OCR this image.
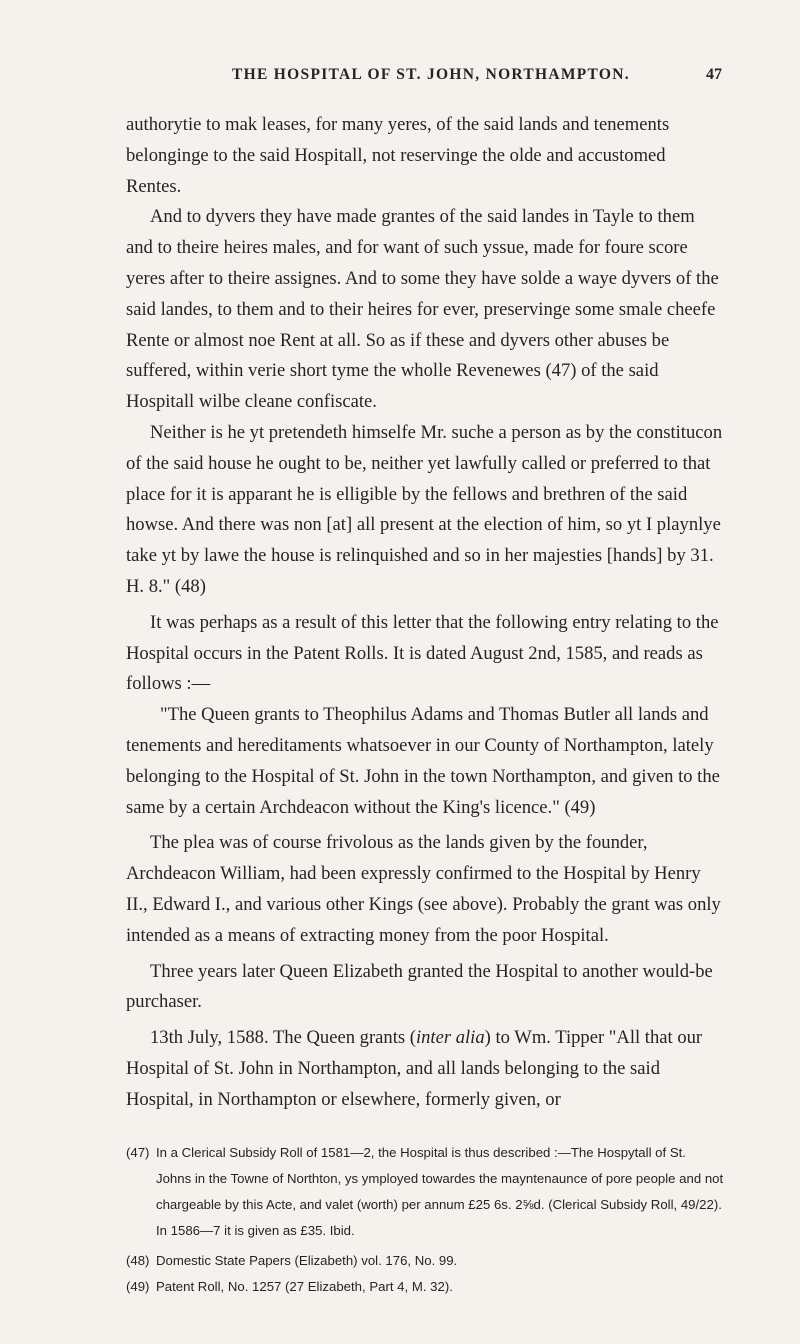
THE HOSPITAL OF ST. JOHN, NORTHAMPTON.	47

authorytie to mak leases, for many yeres, of the said lands and tenements belonginge to the said Hospitall, not reservinge the olde and accustomed Rentes.

And to dyvers they have made grantes of the said landes in Tayle to them and to theire heires males, and for want of such yssue, made for foure score yeres after to theire assignes. And to some they have solde a waye dyvers of the said landes, to them and to their heires for ever, preservinge some smale cheefe Rente or almost noe Rent at all. So as if these and dyvers other abuses be suffered, within verie short tyme the wholle Revenewes (47) of the said Hospitall wilbe cleane confiscate.

Neither is he yt pretendeth himselfe Mr. suche a person as by the constitucon of the said house he ought to be, neither yet lawfully called or preferred to that place for it is apparant he is elligible by the fellows and brethren of the said howse. And there was non [at] all present at the election of him, so yt I playnlye take yt by lawe the house is relinquished and so in her majesties [hands] by 31. H. 8." (48)

It was perhaps as a result of this letter that the following entry relating to the Hospital occurs in the Patent Rolls. It is dated August 2nd, 1585, and reads as follows :—

"The Queen grants to Theophilus Adams and Thomas Butler all lands and tenements and hereditaments whatsoever in our County of Northampton, lately belonging to the Hospital of St. John in the town Northampton, and given to the same by a certain Archdeacon without the King's licence." (49)

The plea was of course frivolous as the lands given by the founder, Archdeacon William, had been expressly confirmed to the Hospital by Henry II., Edward I., and various other Kings (see above). Probably the grant was only intended as a means of extracting money from the poor Hospital.

Three years later Queen Elizabeth granted the Hospital to another would-be purchaser.

13th July, 1588. The Queen grants (inter alia) to Wm. Tipper "All that our Hospital of St. John in Northampton, and all lands belonging to the said Hospital, in Northampton or elsewhere, formerly given, or

(47) In a Clerical Subsidy Roll of 1581—2, the Hospital is thus described :—The Hospytall of St. Johns in the Towne of Northton, ys ymployed towardes the mayntenaunce of pore people and not chargeable by this Acte, and valet (worth) per annum £25 6s. 2⅝d. (Clerical Subsidy Roll, 49/22). In 1586—7 it is given as £35. Ibid.
(48) Domestic State Papers (Elizabeth) vol. 176, No. 99.
(49) Patent Roll, No. 1257 (27 Elizabeth, Part 4, M. 32).
